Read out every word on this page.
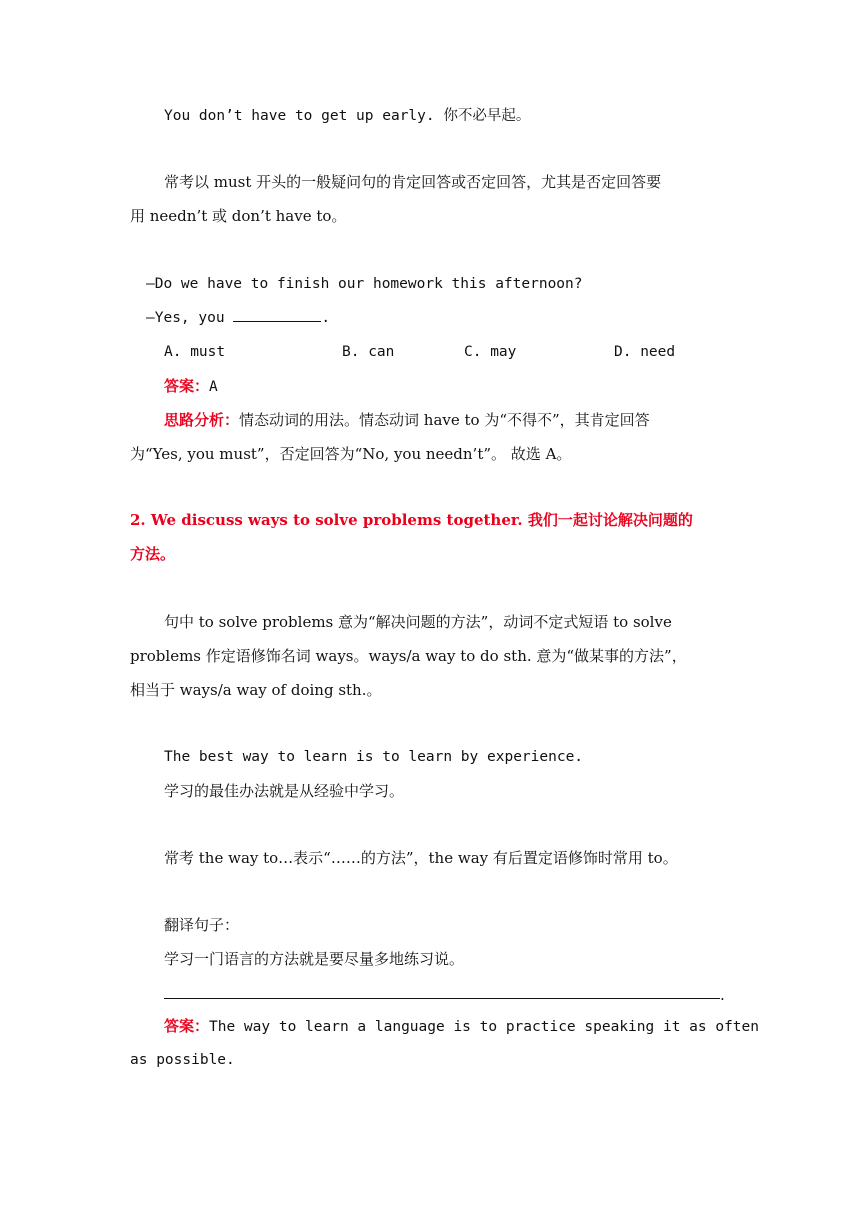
You don’t have to get up early. 你不必早起。
常考以 must 开头的一般疑问句的肯定回答或否定回答，尤其是否定回答要
用 needn’t 或 don’t have to。
—Do we have to finish our homework this afternoon?
—Yes, you	.
A. must	B. can	C. may	D. need
答案：A
思路分析：情态动词的用法。情态动词 have to 为“不得不”，其肯定回答
为“Yes, you must”，否定回答为“No, you needn’t”。 故选 A。
2. We discuss ways to solve problems together. 我们一起讨论解决问题的
方法。
句中 to solve problems 意为“解决问题的方法”，动词不定式短语 to solve
problems 作定语修饰名词 ways。ways/a way to do sth. 意为“做某事的方法”，
相当于 ways/a way of doing sth.。
The best way to learn is to learn by experience.
学习的最佳办法就是从经验中学习。
常考 the way to…表示“……的方法”，the way 有后置定语修饰时常用 to。
翻译句子：
学习一门语言的方法就是要尽量多地练习说。
.
答案：The way to learn a language is to practice speaking it as often
as possible.
